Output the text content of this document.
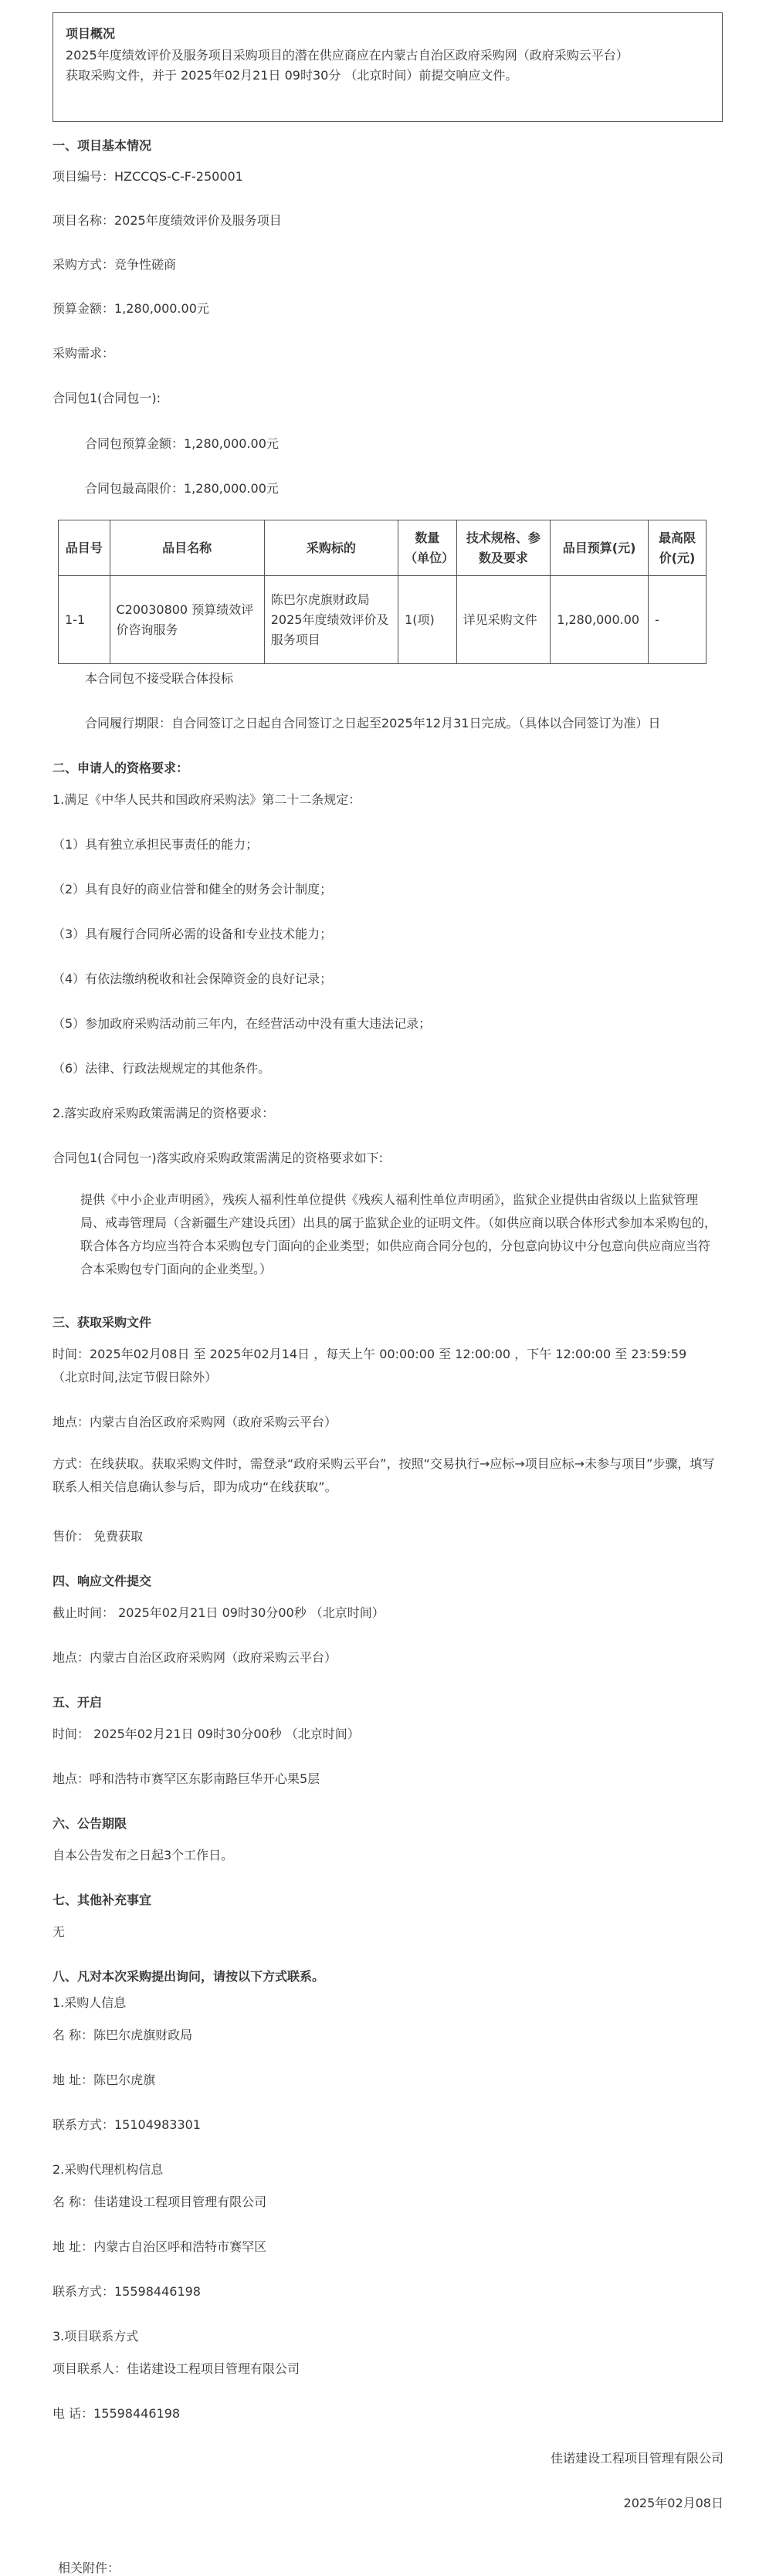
项目概况
2025年度绩效评价及服务项目采购项目的潜在供应商应在内蒙古自治区政府采购网（政府采购云平台）
获取采购文件，并于 2025年02月21日 09时30分 （北京时间）前提交响应文件。
一、项目基本情况
项目编号：HZCCQS-C-F-250001
项目名称：2025年度绩效评价及服务项目
采购方式：竞争性磋商
预算金额：1,280,000.00元
采购需求：
合同包1(合同包一):
合同包预算金额：1,280,000.00元
合同包最高限价：1,280,000.00元
品目号	品目名称	采购标的	数量（单位）	技术规格、参数及要求	品目预算(元)	最高限价(元)
1-1	C20030800 预算绩效评价咨询服务	陈巴尔虎旗财政局2025年度绩效评价及服务项目	1(项)	详见采购文件	1,280,000.00	-
本合同包不接受联合体投标
合同履行期限：自合同签订之日起自合同签订之日起至2025年12月31日完成。（具体以合同签订为准）日
二、申请人的资格要求：
1.满足《中华人民共和国政府采购法》第二十二条规定：
（1）具有独立承担民事责任的能力；
（2）具有良好的商业信誉和健全的财务会计制度；
（3）具有履行合同所必需的设备和专业技术能力；
（4）有依法缴纳税收和社会保障资金的良好记录；
（5）参加政府采购活动前三年内，在经营活动中没有重大违法记录；
（6）法律、行政法规规定的其他条件。
2.落实政府采购政策需满足的资格要求：
合同包1(合同包一)落实政府采购政策需满足的资格要求如下:
提供《中小企业声明函》，残疾人福利性单位提供《残疾人福利性单位声明函》，监狱企业提供由省级以上监狱管理局、戒毒管理局（含新疆生产建设兵团）出具的属于监狱企业的证明文件。（如供应商以联合体形式参加本采购包的，联合体各方均应当符合本采购包专门面向的企业类型；如供应商合同分包的，分包意向协议中分包意向供应商应当符合本采购包专门面向的企业类型。）
三、获取采购文件
时间：2025年02月08日 至 2025年02月14日 ，每天上午 00:00:00 至 12:00:00 ，下午 12:00:00 至 23:59:59
（北京时间,法定节假日除外）
地点：内蒙古自治区政府采购网（政府采购云平台）
方式：在线获取。获取采购文件时，需登录“政府采购云平台”，按照“交易执行→应标→项目应标→未参与项目”步骤，填写联系人相关信息确认参与后，即为成功“在线获取”。
售价： 免费获取
四、响应文件提交
截止时间： 2025年02月21日 09时30分00秒 （北京时间）
地点：内蒙古自治区政府采购网（政府采购云平台）
五、开启
时间： 2025年02月21日 09时30分00秒 （北京时间）
地点：呼和浩特市赛罕区东影南路巨华开心果5层
六、公告期限
自本公告发布之日起3个工作日。
七、其他补充事宜
无
八、凡对本次采购提出询问，请按以下方式联系。
1.采购人信息
名 称：陈巴尔虎旗财政局
地 址：陈巴尔虎旗
联系方式：15104983301
2.采购代理机构信息
名 称：佳诺建设工程项目管理有限公司
地 址：内蒙古自治区呼和浩特市赛罕区
联系方式：15598446198
3.项目联系方式
项目联系人：佳诺建设工程项目管理有限公司
电 话：15598446198
佳诺建设工程项目管理有限公司
2025年02月08日
相关附件：
